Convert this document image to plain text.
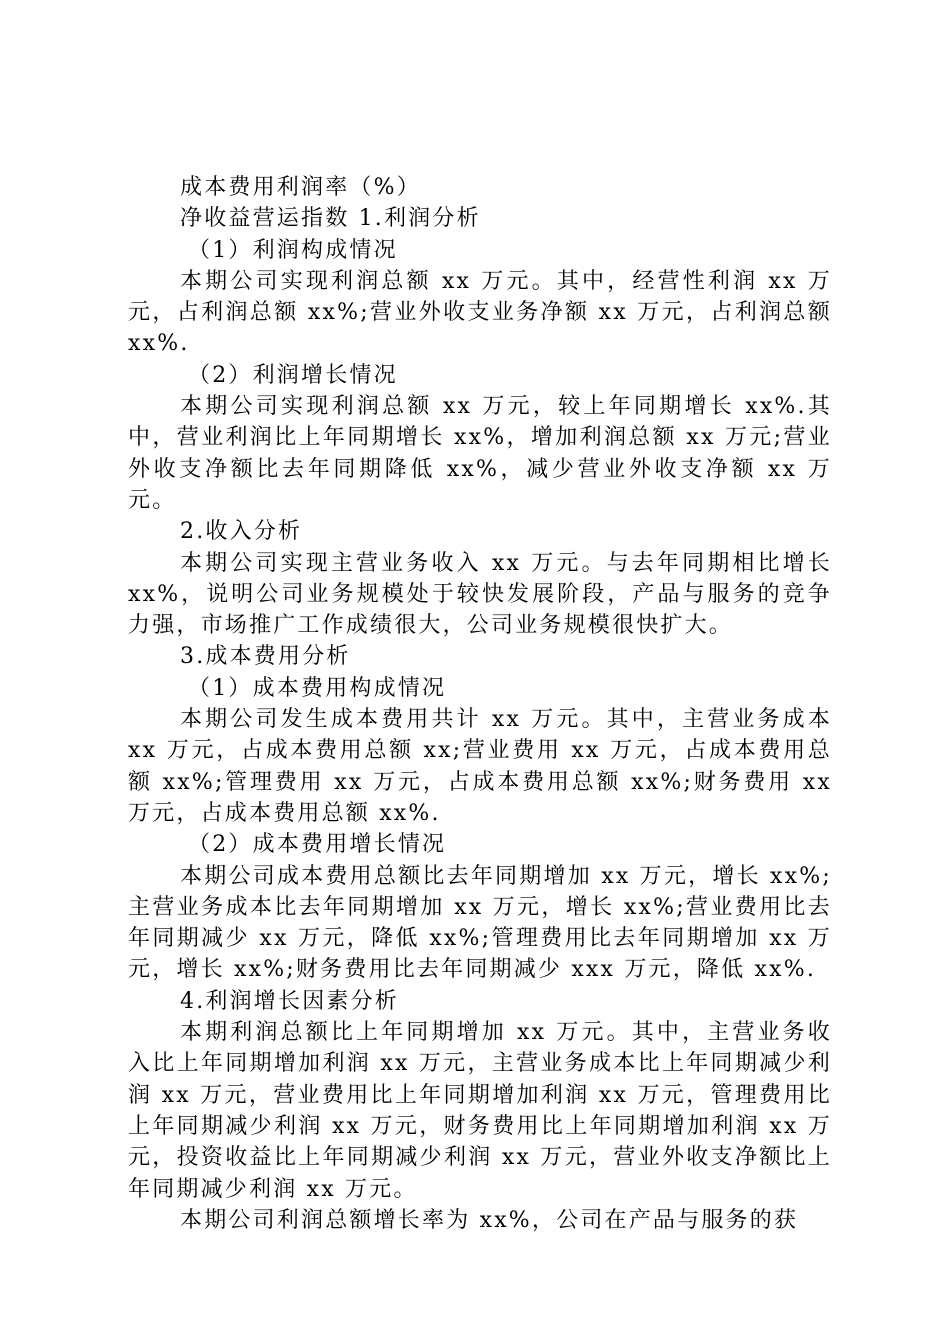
成本费用利润率（%）

净收益营运指数 1.利润分析

（1）利润构成情况

本期公司实现利润总额 xx 万元。其中，经营性利润 xx 万元，占利润总额 xx%;营业外收支业务净额 xx 万元，占利润总额 xx%.

（2）利润增长情况

本期公司实现利润总额 xx 万元，较上年同期增长 xx%.其中，营业利润比上年同期增长 xx%，增加利润总额 xx 万元;营业外收支净额比去年同期降低 xx%，减少营业外收支净额 xx 万元。

2.收入分析

本期公司实现主营业务收入 xx 万元。与去年同期相比增长 xx%，说明公司业务规模处于较快发展阶段，产品与服务的竞争力强，市场推广工作成绩很大，公司业务规模很快扩大。

3.成本费用分析

（1）成本费用构成情况

本期公司发生成本费用共计 xx 万元。其中，主营业务成本 xx 万元，占成本费用总额 xx;营业费用 xx 万元，占成本费用总额 xx%;管理费用 xx 万元，占成本费用总额 xx%;财务费用 xx 万元，占成本费用总额 xx%.

（2）成本费用增长情况

本期公司成本费用总额比去年同期增加 xx 万元，增长 xx%;主营业务成本比去年同期增加 xx 万元，增长 xx%;营业费用比去年同期减少 xx 万元，降低 xx%;管理费用比去年同期增加 xx 万元，增长 xx%;财务费用比去年同期减少 xxx 万元，降低 xx%.

4.利润增长因素分析

本期利润总额比上年同期增加 xx 万元。其中，主营业务收入比上年同期增加利润 xx 万元，主营业务成本比上年同期减少利润 xx 万元，营业费用比上年同期增加利润 xx 万元，管理费用比上年同期减少利润 xx 万元，财务费用比上年同期增加利润 xx 万元，投资收益比上年同期减少利润 xx 万元，营业外收支净额比上年同期减少利润 xx 万元。

本期公司利润总额增长率为 xx%，公司在产品与服务的获
